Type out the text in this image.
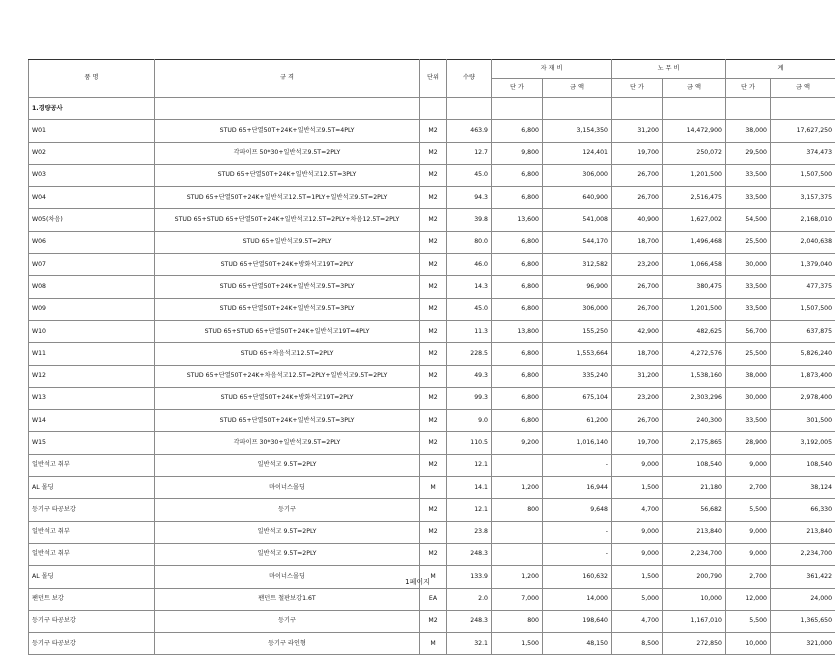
품 명	규 격	단위	수량	자 재 비		노 무 비		계	
				단 가	금 액	단 가	금 액	단 가	금 액
1.경량공사									
W01	STUD 65+단열50T+24K+일반석고9.5T=4PLY	M2	463.9	6,800	3,154,350	31,200	14,472,900	38,000	17,627,250
W02	각파이프 50*30+일반석고9.5T=2PLY	M2	12.7	9,800	124,401	19,700	250,072	29,500	374,473
W03	STUD 65+단열50T+24K+일반석고12.5T=3PLY	M2	45.0	6,800	306,000	26,700	1,201,500	33,500	1,507,500
W04	STUD 65+단열50T+24K+일반석고12.5T=1PLY+일반석고9.5T=2PLY	M2	94.3	6,800	640,900	26,700	2,516,475	33,500	3,157,375
W05(차음)	STUD 65+STUD 65+단열50T+24K+일반석고12.5T=2PLY+차음12.5T=2PLY	M2	39.8	13,600	541,008	40,900	1,627,002	54,500	2,168,010
W06	STUD 65+일반석고9.5T=2PLY	M2	80.0	6,800	544,170	18,700	1,496,468	25,500	2,040,638
W07	STUD 65+단열50T+24K+방화석고19T=2PLY	M2	46.0	6,800	312,582	23,200	1,066,458	30,000	1,379,040
W08	STUD 65+단열50T+24K+일반석고9.5T=3PLY	M2	14.3	6,800	96,900	26,700	380,475	33,500	477,375
W09	STUD 65+단열50T+24K+일반석고9.5T=3PLY	M2	45.0	6,800	306,000	26,700	1,201,500	33,500	1,507,500
W10	STUD 65+STUD 65+단열50T+24K+일반석고19T=4PLY	M2	11.3	13,800	155,250	42,900	482,625	56,700	637,875
W11	STUD 65+차음석고12.5T=2PLY	M2	228.5	6,800	1,553,664	18,700	4,272,576	25,500	5,826,240
W12	STUD 65+단열50T+24K+차음석고12.5T=2PLY+일반석고9.5T=2PLY	M2	49.3	6,800	335,240	31,200	1,538,160	38,000	1,873,400
W13	STUD 65+단열50T+24K+방화석고19T=2PLY	M2	99.3	6,800	675,104	23,200	2,303,296	30,000	2,978,400
W14	STUD 65+단열50T+24K+일반석고9.5T=3PLY	M2	9.0	6,800	61,200	26,700	240,300	33,500	301,500
W15	각파이프 30*30+일반석고9.5T=2PLY	M2	110.5	9,200	1,016,140	19,700	2,175,865	28,900	3,192,005
일반석고 취부	일반석고 9.5T=2PLY	M2	12.1		-	9,000	108,540	9,000	108,540
AL 몰딩	마이너스몰딩	M	14.1	1,200	16,944	1,500	21,180	2,700	38,124
등기구 타공보강	등기구	M2	12.1	800	9,648	4,700	56,682	5,500	66,330
일반석고 취부	일반석고 9.5T=2PLY	M2	23.8		-	9,000	213,840	9,000	213,840
일반석고 취부	일반석고 9.5T=2PLY	M2	248.3		-	9,000	2,234,700	9,000	2,234,700
AL 몰딩	마이너스몰딩	M	133.9	1,200	160,632	1,500	200,790	2,700	361,422
팬던트 보강	팬던트 철판보강1.6T	EA	2.0	7,000	14,000	5,000	10,000	12,000	24,000
등기구 타공보강	등기구	M2	248.3	800	198,640	4,700	1,167,010	5,500	1,365,650
등기구 타공보강	등기구 라인형	M	32.1	1,500	48,150	8,500	272,850	10,000	321,000
1페이지
